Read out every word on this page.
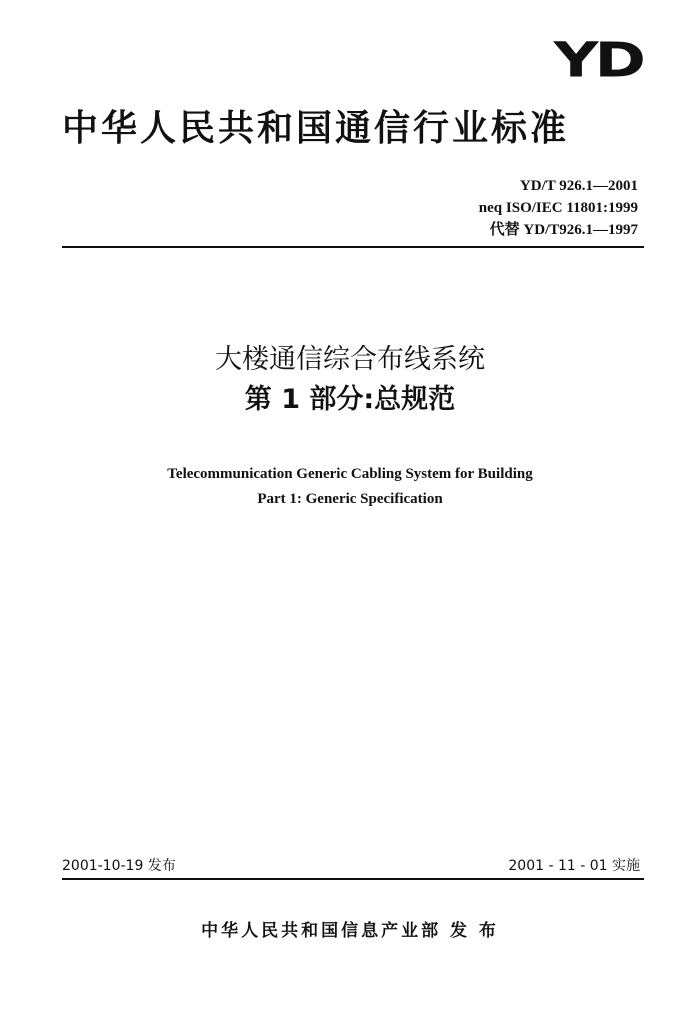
YD
中华人民共和国通信行业标准
YD/T 926.1—2001
neq ISO/IEC 11801:1999
代替 YD/T926.1—1997
大楼通信综合布线系统
第 1 部分:总规范
Telecommunication Generic Cabling System for Building
Part 1: Generic Specification
2001-10-19 发布	2001 - 11 - 01 实施
中华人民共和国信息产业部 发 布
